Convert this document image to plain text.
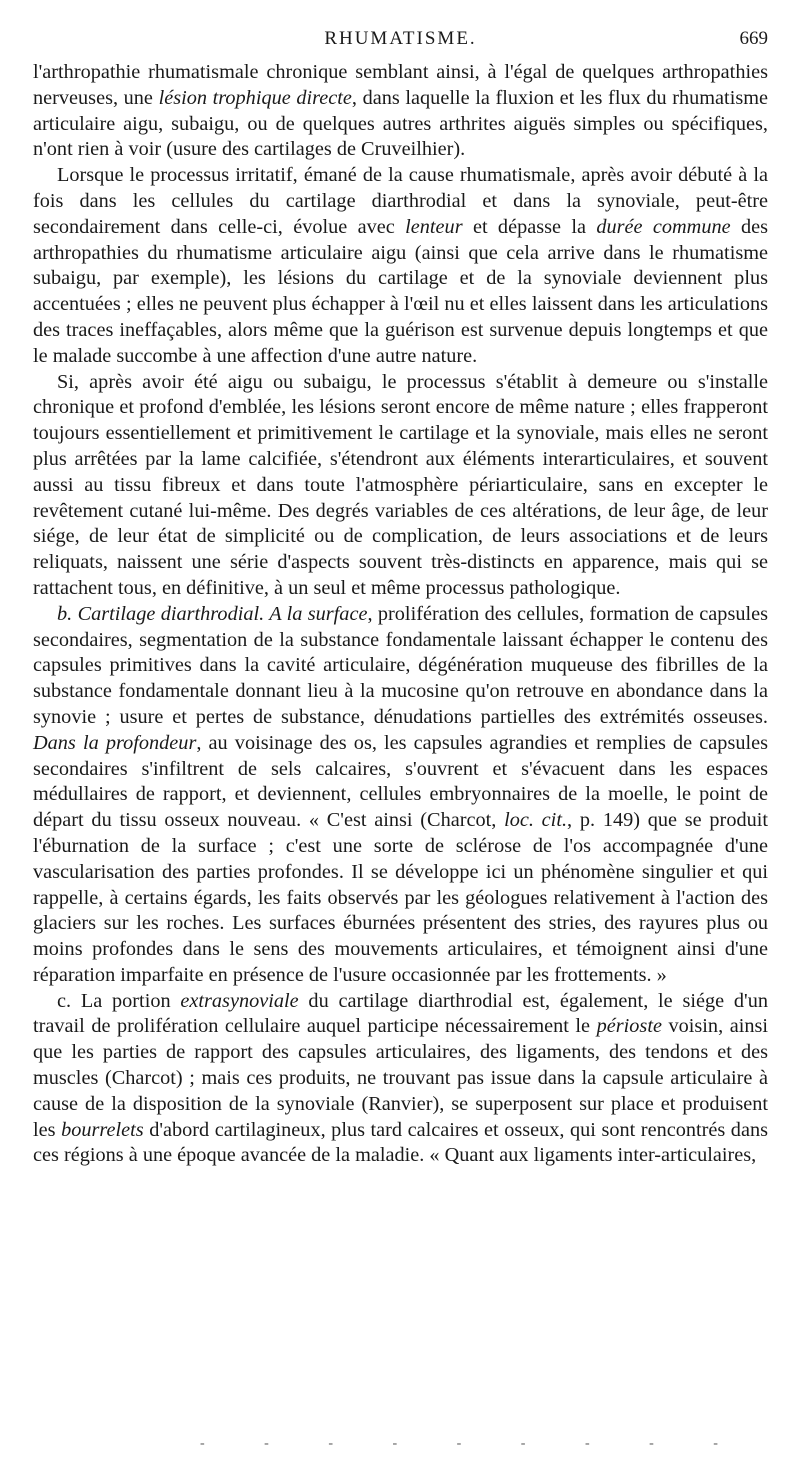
RHUMATISME.	669

l'arthropathie rhumatismale chronique semblant ainsi, à l'égal de quelques arthropathies nerveuses, une lésion trophique directe, dans laquelle la fluxion et les flux du rhumatisme articulaire aigu, subaigu, ou de quelques autres arthrites aiguës simples ou spécifiques, n'ont rien à voir (usure des cartilages de Cruveilhier).

Lorsque le processus irritatif, émané de la cause rhumatismale, après avoir débuté à la fois dans les cellules du cartilage diarthrodial et dans la synoviale, peut-être secondairement dans celle-ci, évolue avec lenteur et dépasse la durée commune des arthropathies du rhumatisme articulaire aigu (ainsi que cela arrive dans le rhumatisme subaigu, par exemple), les lésions du cartilage et de la synoviale deviennent plus accentuées ; elles ne peuvent plus échapper à l'œil nu et elles laissent dans les articulations des traces ineffaçables, alors même que la guérison est survenue depuis longtemps et que le malade succombe à une affection d'une autre nature.

Si, après avoir été aigu ou subaigu, le processus s'établit à demeure ou s'installe chronique et profond d'emblée, les lésions seront encore de même nature ; elles frapperont toujours essentiellement et primitivement le cartilage et la synoviale, mais elles ne seront plus arrêtées par la lame calcifiée, s'étendront aux éléments interarticulaires, et souvent aussi au tissu fibreux et dans toute l'atmosphère périarticulaire, sans en excepter le revêtement cutané lui-même. Des degrés variables de ces altérations, de leur âge, de leur siége, de leur état de simplicité ou de complication, de leurs associations et de leurs reliquats, naissent une série d'aspects souvent très-distincts en apparence, mais qui se rattachent tous, en définitive, à un seul et même processus pathologique.

b. Cartilage diarthrodial. A la surface, prolifération des cellules, formation de capsules secondaires, segmentation de la substance fondamentale laissant échapper le contenu des capsules primitives dans la cavité articulaire, dégénération muqueuse des fibrilles de la substance fondamentale donnant lieu à la mucosine qu'on retrouve en abondance dans la synovie ; usure et pertes de substance, dénudations partielles des extrémités osseuses. Dans la profondeur, au voisinage des os, les capsules agrandies et remplies de capsules secondaires s'infiltrent de sels calcaires, s'ouvrent et s'évacuent dans les espaces médullaires de rapport, et deviennent, cellules embryonnaires de la moelle, le point de départ du tissu osseux nouveau. « C'est ainsi (Charcot, loc. cit., p. 149) que se produit l'éburnation de la surface ; c'est une sorte de sclérose de l'os accompagnée d'une vascularisation des parties profondes. Il se développe ici un phénomène singulier et qui rappelle, à certains égards, les faits observés par les géologues relativement à l'action des glaciers sur les roches. Les surfaces éburnées présentent des stries, des rayures plus ou moins profondes dans le sens des mouvements articulaires, et témoignent ainsi d'une réparation imparfaite en présence de l'usure occasionnée par les frottements. »

c. La portion extrasynoviale du cartilage diarthrodial est, également, le siége d'un travail de prolifération cellulaire auquel participe nécessairement le périoste voisin, ainsi que les parties de rapport des capsules articulaires, des ligaments, des tendons et des muscles (Charcot) ; mais ces produits, ne trouvant pas issue dans la capsule articulaire à cause de la disposition de la synoviale (Ranvier), se superposent sur place et produisent les bourrelets d'abord cartilagineux, plus tard calcaires et osseux, qui sont rencontrés dans ces régions à une époque avancée de la maladie. « Quant aux ligaments inter-articulaires,

- - - - - - - - -
